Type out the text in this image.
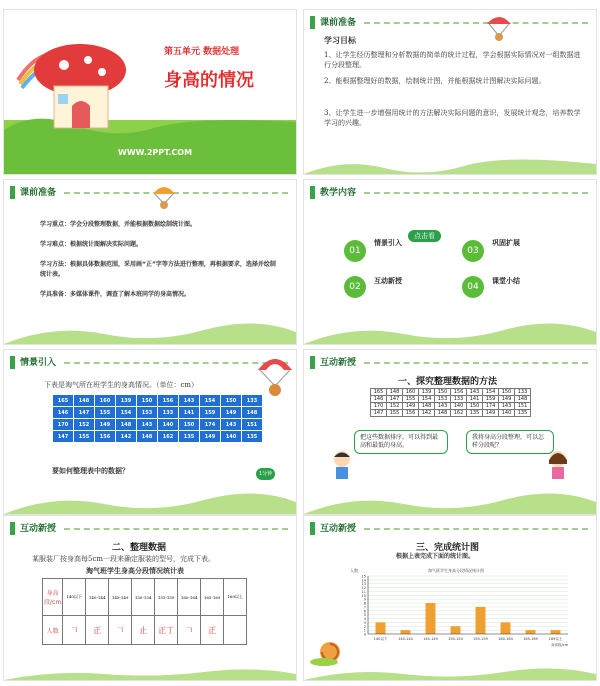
第五单元 数据处理
身高的情况
WWW.2PPT.COM
课前准备
学习目标
1、让学生经历整理和分析数据的简单的统计过程，学会根据实际情况对一组数据进行分段整理。
2、能根据整理好的数据，绘制统计图，并能根据统计图解决实际问题。
3、让学生进一步增强用统计的方法解决实际问题的意识，发展统计观念，培养数学学习的兴趣。
课前准备
学习重点：学会分段整理数据，并能根据数据绘制统计图。
学习难点：根据统计图解决实际问题。
学习方法：根据具体数据范围，采用画“正”字等方法进行整理，再根据要求，选择并绘制统计表。
学具准备：多媒体课件，调查了解本班同学的身高情况。
教学内容
点击看
01
情景引入
02
互动新授
03
巩固扩展
04
课堂小结
情景引入
下表是淘气所在班学生的身高情况。（单位：cm）
165	148	160	139	150	156	143	154	150	133
146	147	155	154	153	133	141	159	149	148
170	152	149	148	143	140	150	174	143	151
147	155	156	142	148	162	135	149	140	135
要如何整理表中的数据？	1分钟
互动新授
一、探究整理数据的方法
165	148	160	139	150	156	143	154	150	133
146	147	155	154	153	133	141	159	149	148
170	152	149	148	143	140	150	174	143	151
147	155	156	142	148	162	135	149	140	135
把这些数据排序，可以得到最高和最低的身高。
我将身高分段整理，可以怎样分段呢？
互动新授
二、整理数据
某服装厂按身高每5cm一段来确定服装的型号，完成下表。
淘气班学生身高分段情况统计表
身高段/cm	140以下	140-144	145-149	150-154	155-159	160-164	165-169	169以上
人数	𠃍	正	𠃍	止	正丁	𠃍	正	
互动新授
三、完成统计图
根据上表完成下面的统计图。
淘气班学生身高分段情况统计图
人数
0
1
2
3
4
5
6
7
8
9
10
11
12
13
14
15
140以下	140-144	145-149	150-154	155-159	160-164	165-169	169以上
身高段/cm
